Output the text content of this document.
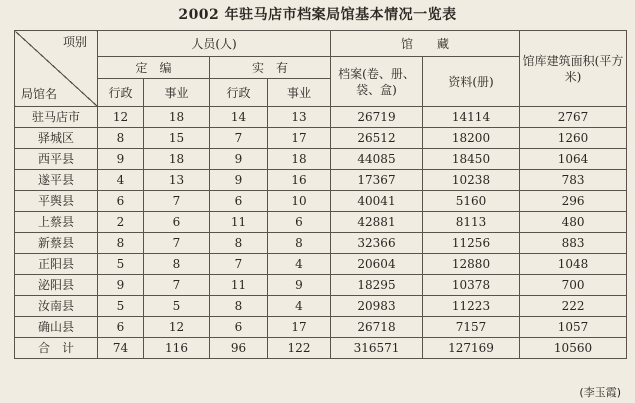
2002 年驻马店市档案局馆基本情况一览表
项别
局馆名	人员(人)				馆　　藏		馆库建筑面积(平方米)
	定　编		实　有		档案(卷、册、袋、盒)	资料(册)	
	行政	事业	行政	事业			
驻马店市	12	18	14	13	26719	14114	2767
驿城区	8	15	7	17	26512	18200	1260
西平县	9	18	9	18	44085	18450	1064
遂平县	4	13	9	16	17367	10238	783
平舆县	6	7	6	10	40041	5160	296
上蔡县	2	6	11	6	42881	8113	480
新蔡县	8	7	8	8	32366	11256	883
正阳县	5	8	7	4	20604	12880	1048
泌阳县	9	7	11	9	18295	10378	700
汝南县	5	5	8	4	20983	11223	222
确山县	6	12	6	17	26718	7157	1057
合　计	74	116	96	122	316571	127169	10560
(李玉霞)
